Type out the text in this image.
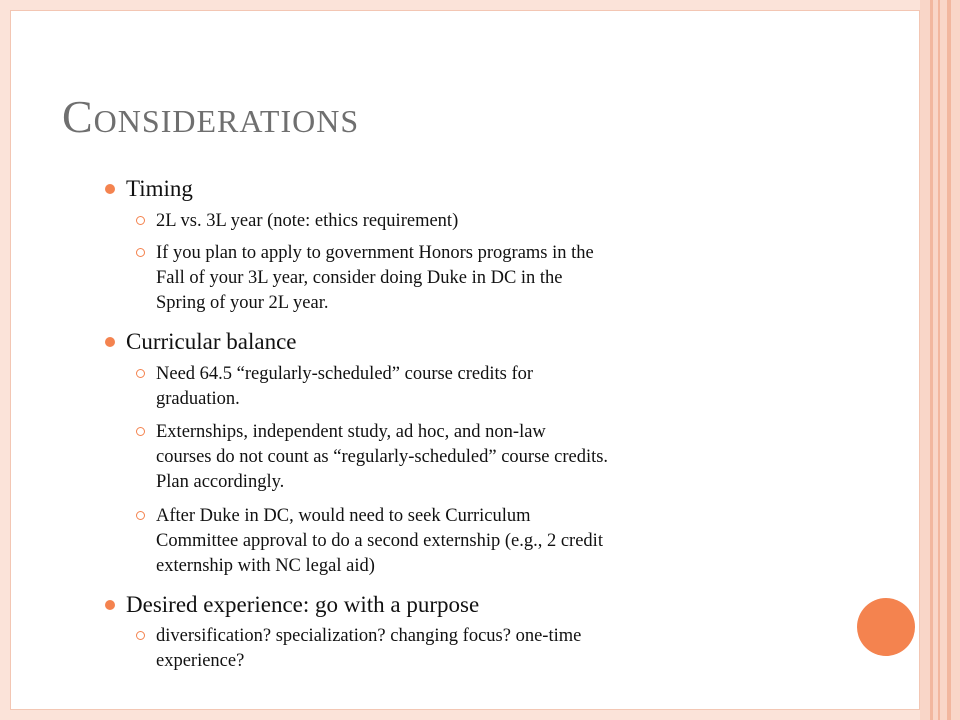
Considerations
Timing
2L vs. 3L year (note: ethics requirement)
If you plan to apply to government Honors programs in the
Fall of your 3L year, consider doing Duke in DC in the
Spring of your 2L year.
Curricular balance
Need 64.5 “regularly-scheduled” course credits for
graduation.
Externships, independent study, ad hoc, and non-law
courses do not count as “regularly-scheduled” course credits.
Plan accordingly.
After Duke in DC, would need to seek Curriculum
Committee approval to do a second externship (e.g., 2 credit
externship with NC legal aid)
Desired experience: go with a purpose
diversification? specialization? changing focus? one-time
experience?
